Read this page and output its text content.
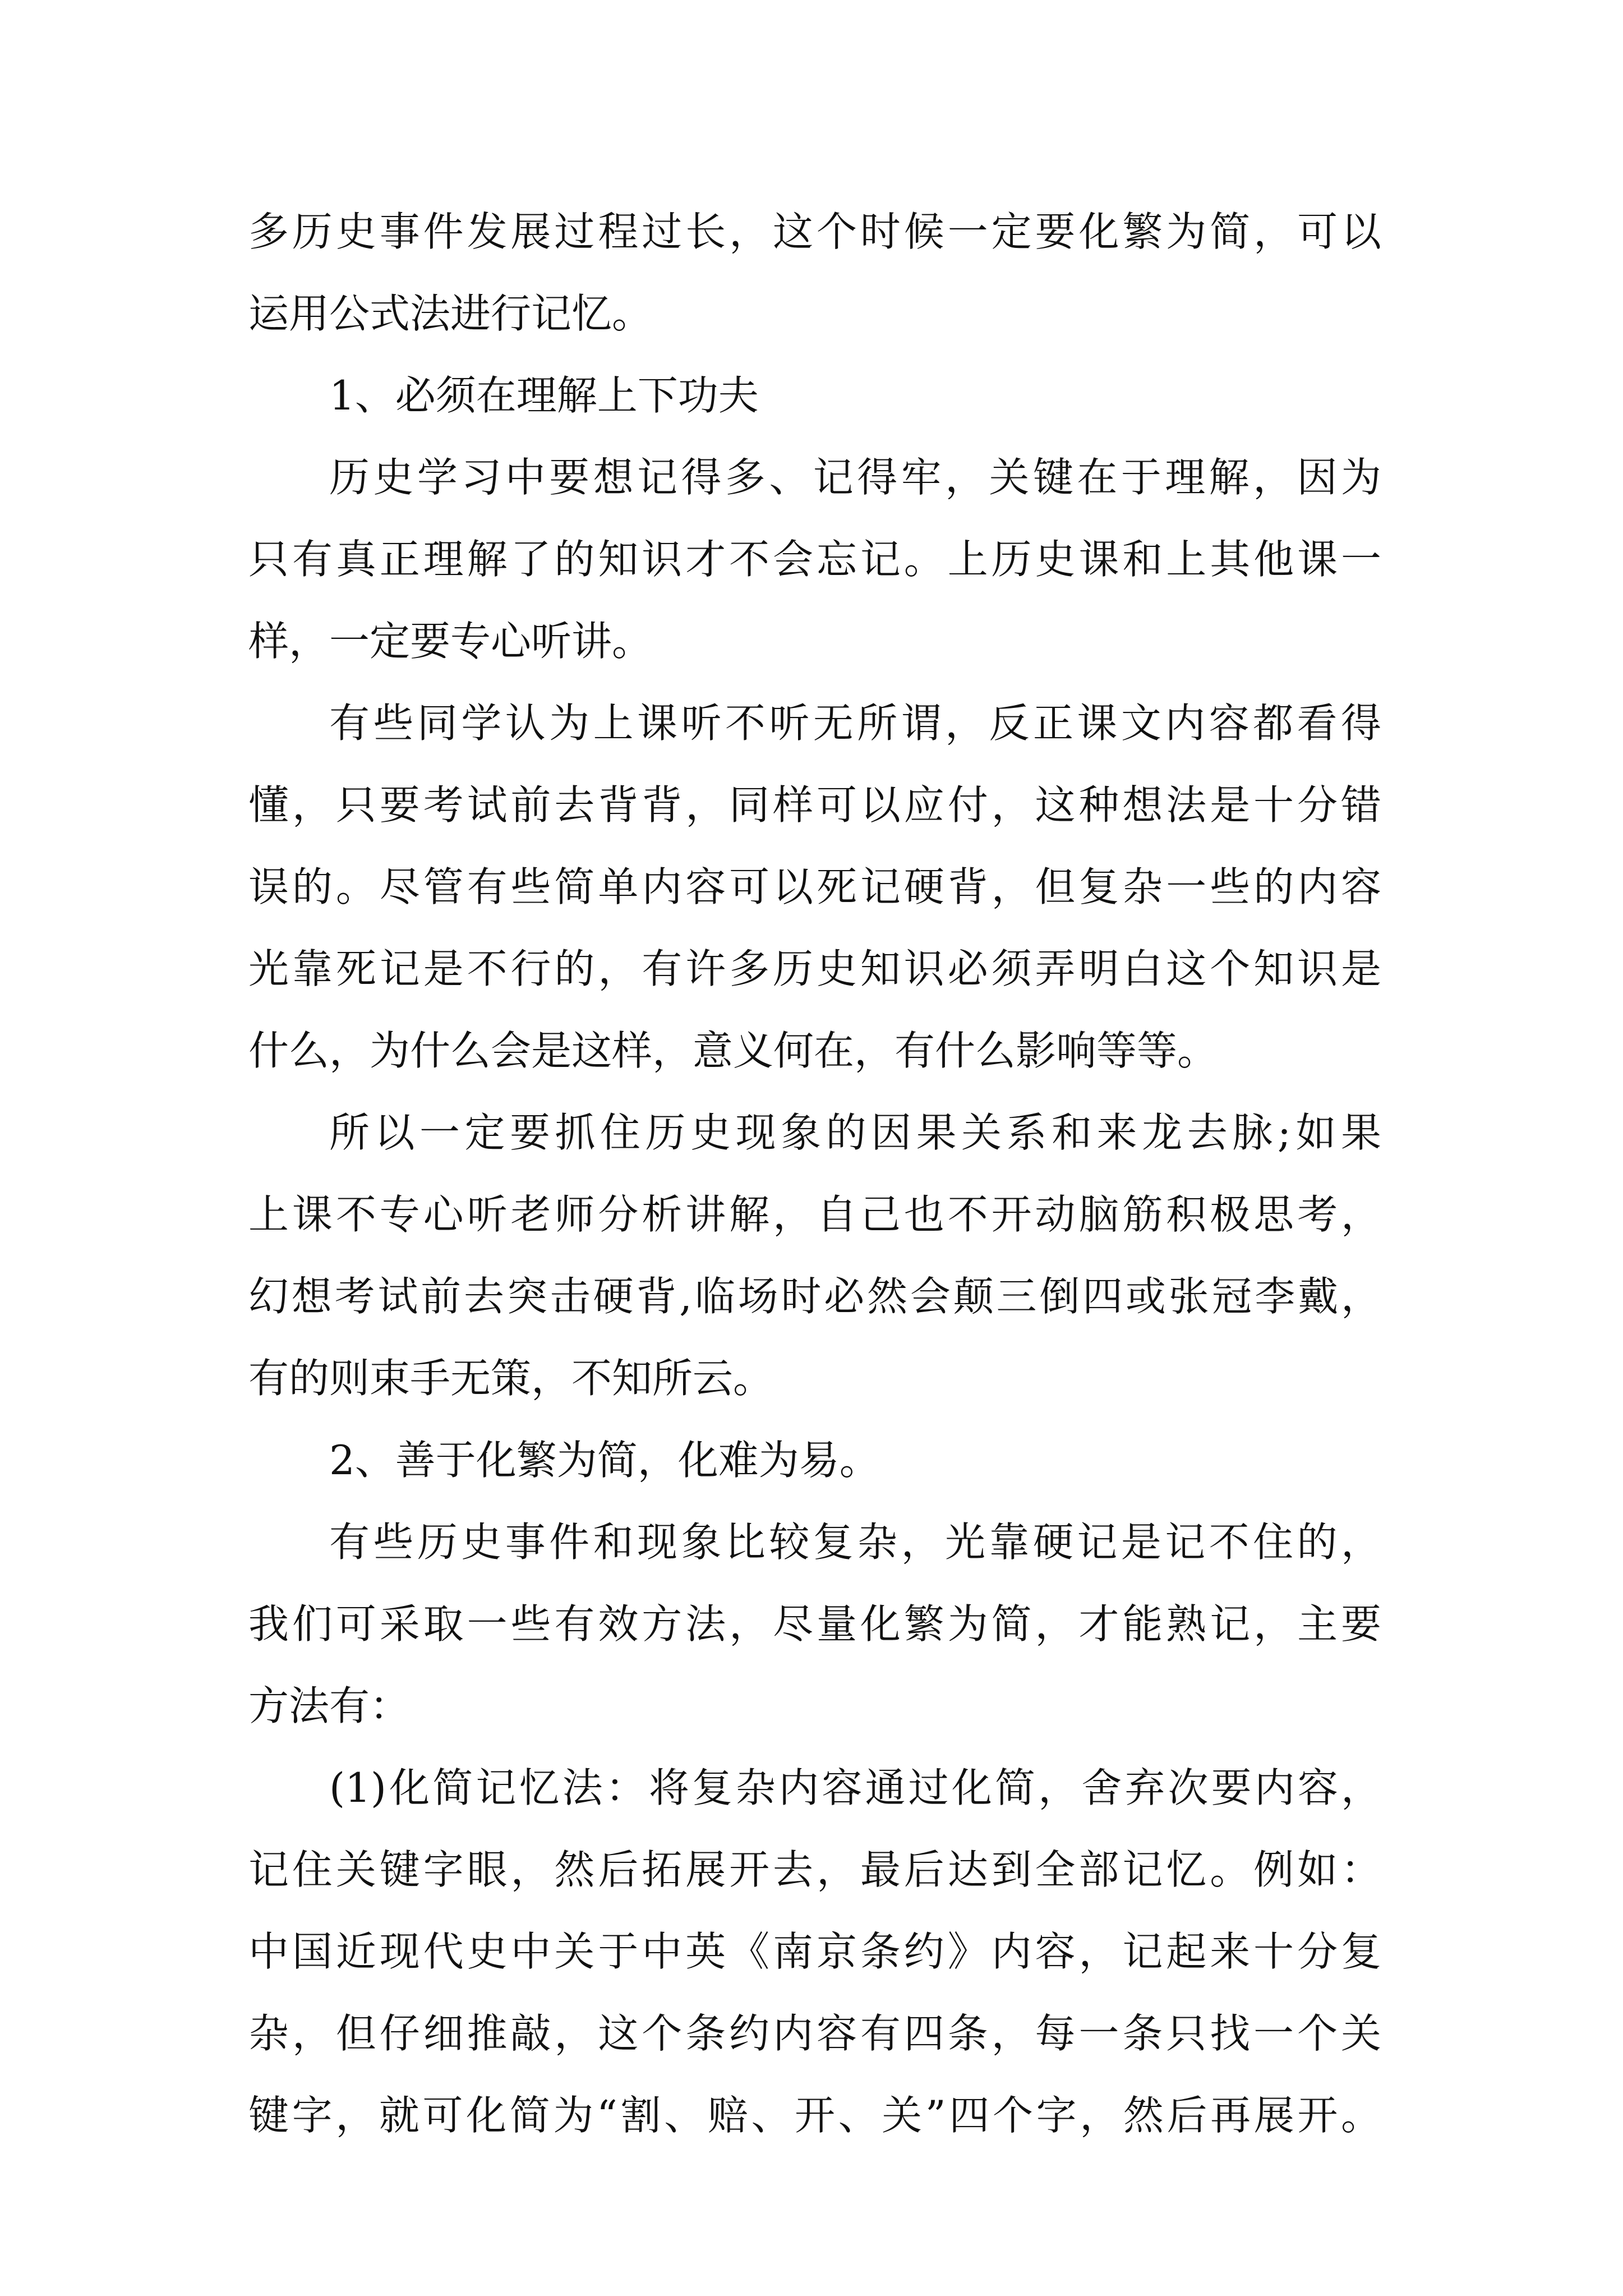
多历史事件发展过程过长，这个时候一定要化繁为简，可以
运用公式法进行记忆。
1、必须在理解上下功夫
历史学习中要想记得多、记得牢，关键在于理解，因为
只有真正理解了的知识才不会忘记。上历史课和上其他课一
样，一定要专心听讲。
有些同学认为上课听不听无所谓，反正课文内容都看得
懂，只要考试前去背背，同样可以应付，这种想法是十分错
误的。尽管有些简单内容可以死记硬背，但复杂一些的内容
光靠死记是不行的，有许多历史知识必须弄明白这个知识是
什么，为什么会是这样，意义何在，有什么影响等等。
所以一定要抓住历史现象的因果关系和来龙去脉;如果
上课不专心听老师分析讲解，自己也不开动脑筋积极思考，
幻想考试前去突击硬背,临场时必然会颠三倒四或张冠李戴，
有的则束手无策，不知所云。
2、善于化繁为简，化难为易。
有些历史事件和现象比较复杂，光靠硬记是记不住的，
我们可采取一些有效方法，尽量化繁为简，才能熟记，主要
方法有：
(1)化简记忆法：将复杂内容通过化简，舍弃次要内容，
记住关键字眼，然后拓展开去，最后达到全部记忆。例如：
中国近现代史中关于中英《南京条约》内容，记起来十分复
杂，但仔细推敲，这个条约内容有四条，每一条只找一个关
键字，就可化简为“割、赔、开、关”四个字，然后再展开。
